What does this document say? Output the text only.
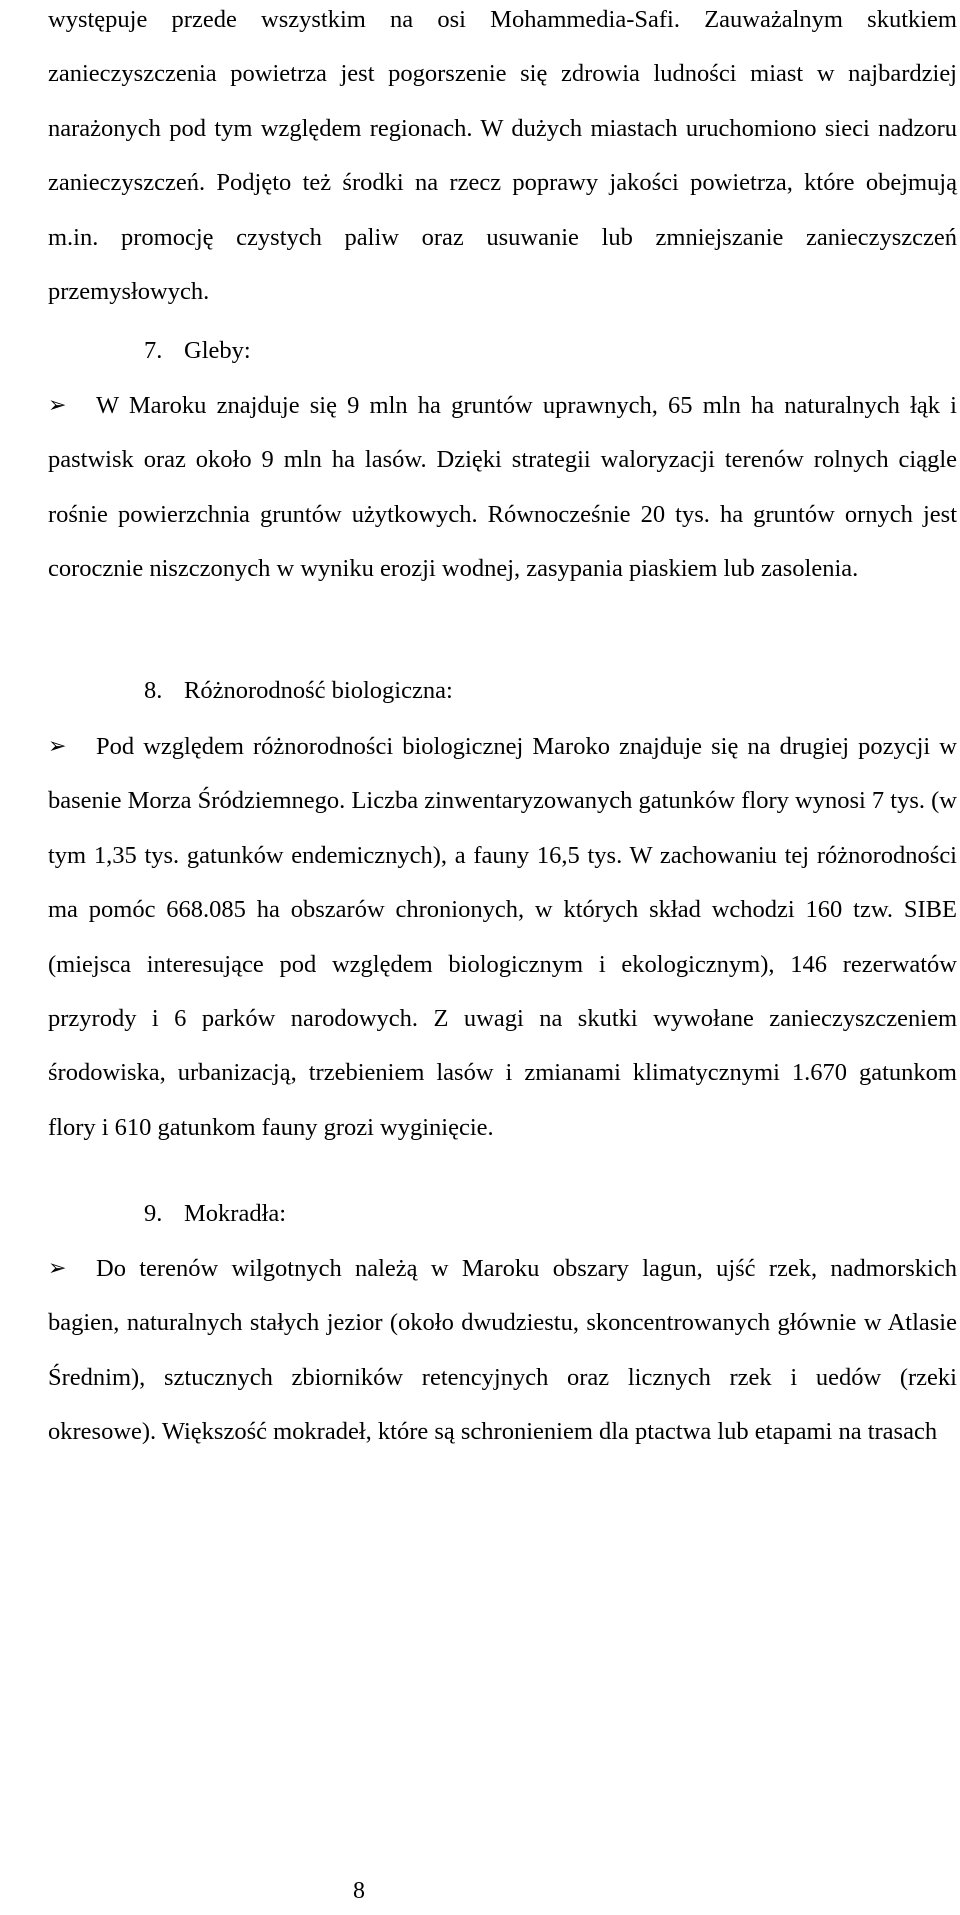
występuje przede wszystkim na osi Mohammedia-Safi. Zauważalnym skutkiem zanieczyszczenia powietrza jest pogorszenie się zdrowia ludności miast w najbardziej narażonych pod tym względem regionach. W dużych miastach uruchomiono sieci nadzoru zanieczyszczeń. Podjęto też środki na rzecz poprawy jakości powietrza, które obejmują m.in. promocję czystych paliw oraz usuwanie lub zmniejszanie zanieczyszczeń przemysłowych.

7. Gleby:

➢ W Maroku znajduje się 9 mln ha gruntów uprawnych, 65 mln ha naturalnych łąk i pastwisk oraz około 9 mln ha lasów. Dzięki strategii waloryzacji terenów rolnych ciągle rośnie powierzchnia gruntów użytkowych. Równocześnie 20 tys. ha gruntów ornych jest corocznie niszczonych w wyniku erozji wodnej, zasypania piaskiem lub zasolenia.

8. Różnorodność biologiczna:

➢ Pod względem różnorodności biologicznej Maroko znajduje się na drugiej pozycji w basenie Morza Śródziemnego. Liczba zinwentaryzowanych gatunków flory wynosi 7 tys. (w tym 1,35 tys. gatunków endemicznych), a fauny 16,5 tys. W zachowaniu tej różnorodności ma pomóc 668.085 ha obszarów chronionych, w których skład wchodzi 160 tzw. SIBE (miejsca interesujące pod względem biologicznym i ekologicznym), 146 rezerwatów przyrody i 6 parków narodowych. Z uwagi na skutki wywołane zanieczyszczeniem środowiska, urbanizacją, trzebieniem lasów i zmianami klimatycznymi 1.670 gatunkom flory i 610 gatunkom fauny grozi wyginięcie.

9. Mokradła:

➢ Do terenów wilgotnych należą w Maroku obszary lagun, ujść rzek, nadmorskich bagien, naturalnych stałych jezior (około dwudziestu, skoncentrowanych głównie w Atlasie Średnim), sztucznych zbiorników retencyjnych oraz licznych rzek i uedów (rzeki okresowe). Większość mokradeł, które są schronieniem dla ptactwa lub etapami na trasach

8
